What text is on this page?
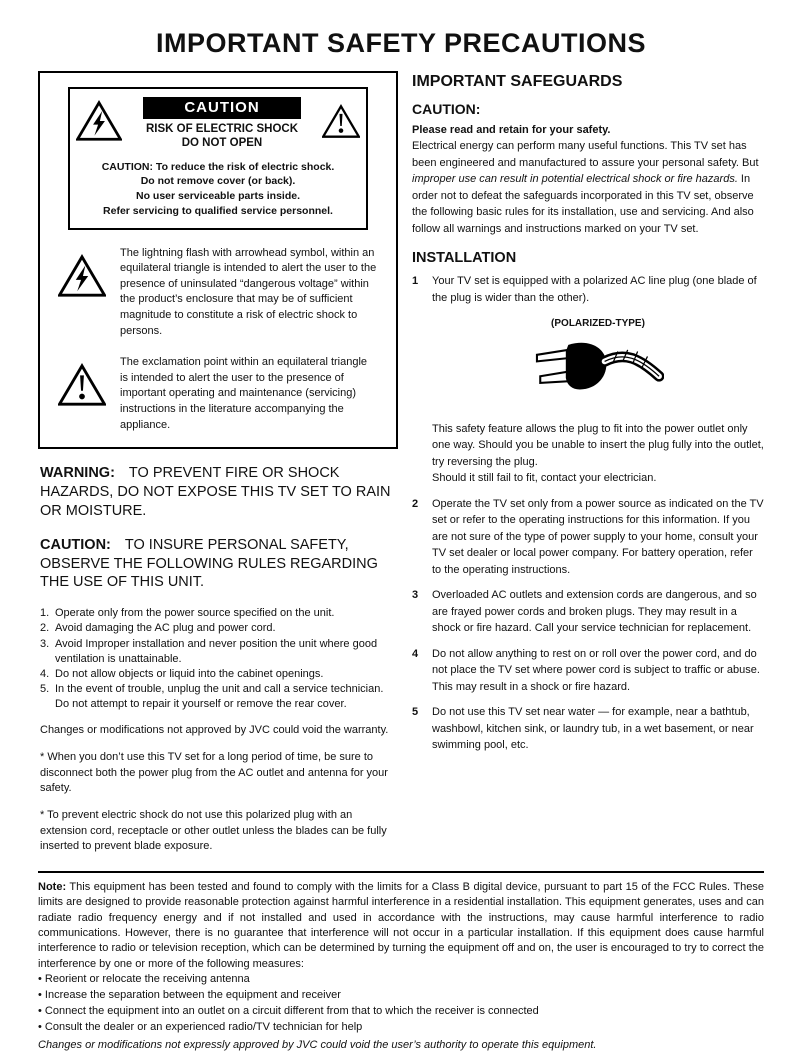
IMPORTANT SAFETY PRECAUTIONS
CAUTION
RISK OF ELECTRIC SHOCK
DO NOT OPEN
CAUTION: To reduce the risk of electric shock.
Do not remove cover (or back).
No user serviceable parts inside.
Refer servicing to qualified service personnel.

The lightning flash with arrowhead symbol, within an equilateral triangle is intended to alert the user to the presence of uninsulated “dangerous voltage” within the product’s enclosure that may be of sufficient magnitude to constitute a risk of electric shock to persons.

The exclamation point within an equilateral triangle is intended to alert the user to the presence of important operating and maintenance (servicing) instructions in the literature accompanying the appliance.

WARNING: TO PREVENT FIRE OR SHOCK HAZARDS, DO NOT EXPOSE THIS TV SET TO RAIN OR MOISTURE.

CAUTION: TO INSURE PERSONAL SAFETY, OBSERVE THE FOLLOWING RULES REGARDING THE USE OF THIS UNIT.

1. Operate only from the power source specified on the unit.
2. Avoid damaging the AC plug and power cord.
3. Avoid Improper installation and never position the unit where good ventilation is unattainable.
4. Do not allow objects or liquid into the cabinet openings.
5. In the event of trouble, unplug the unit and call a service technician. Do not attempt to repair it yourself or remove the rear cover.

Changes or modifications not approved by JVC could void the warranty.

* When you don’t use this TV set for a long period of time, be sure to disconnect both the power plug from the AC outlet and antenna for your safety.

* To prevent electric shock do not use this polarized plug with an extension cord, receptacle or other outlet unless the blades can be fully inserted to prevent blade exposure.

IMPORTANT SAFEGUARDS
CAUTION:

Please read and retain for your safety.

Electrical energy can perform many useful functions. This TV set has been engineered and manufactured to assure your personal safety. But improper use can result in potential electrical shock or fire hazards. In order not to defeat the safeguards incorporated in this TV set, observe the following basic rules for its installation, use and servicing. And also follow all warnings and instructions marked on your TV set.

INSTALLATION
1	Your TV set is equipped with a polarized AC line plug (one blade of the plug is wider than the other).
(POLARIZED-TYPE)
This safety feature allows the plug to fit into the power outlet only one way. Should you be unable to insert the plug fully into the outlet, try reversing the plug.
Should it still fail to fit, contact your electrician.
2	Operate the TV set only from a power source as indicated on the TV set or refer to the operating instructions for this information. If you are not sure of the type of power supply to your home, consult your TV set dealer or local power company. For battery operation, refer to the operating instructions.
3	Overloaded AC outlets and extension cords are dangerous, and so are frayed power cords and broken plugs. They may result in a shock or fire hazard. Call your service technician for replacement.
4	Do not allow anything to rest on or roll over the power cord, and do not place the TV set where power cord is subject to traffic or abuse. This may result in a shock or fire hazard.
5	Do not use this TV set near water — for example, near a bathtub, washbowl, kitchen sink, or laundry tub, in a wet basement, or near swimming pool, etc.

Note: This equipment has been tested and found to comply with the limits for a Class B digital device, pursuant to part 15 of the FCC Rules. These limits are designed to provide reasonable protection against harmful interference in a residential installation. This equipment generates, uses and can radiate radio frequency energy and if not installed and used in accordance with the instructions, may cause harmful interference to radio communications. However, there is no guarantee that interference will not occur in a particular installation. If this equipment does cause harmful interference to radio or television reception, which can be determined by turning the equipment off and on, the user is encouraged to try to correct the interference by one or more of the following measures:

• Reorient or relocate the receiving antenna

• Increase the separation between the equipment and receiver

• Connect the equipment into an outlet on a circuit different from that to which the receiver is connected

• Consult the dealer or an experienced radio/TV technician for help

Changes or modifications not expressly approved by JVC could void the user’s authority to operate this equipment.
